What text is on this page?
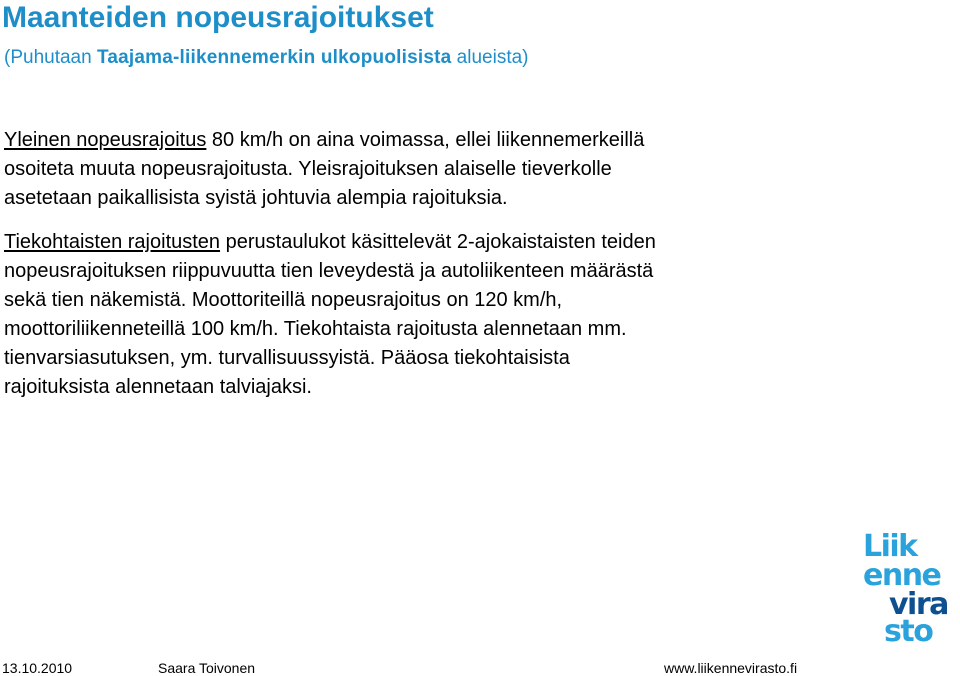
Maanteiden nopeusrajoitukset

(Puhutaan Taajama-liikennemerkin ulkopuolisista alueista)

Yleinen nopeusrajoitus 80 km/h on aina voimassa, ellei liikennemerkeillä
osoiteta muuta nopeusrajoitusta. Yleisrajoituksen alaiselle tieverkolle
asetetaan paikallisista syistä johtuvia alempia rajoituksia.

Tiekohtaisten rajoitusten perustaulukot käsittelevät 2-ajokaistaisten teiden
nopeusrajoituksen riippuvuutta tien leveydestä ja autoliikenteen määrästä
sekä tien näkemistä. Moottoriteillä nopeusrajoitus on 120 km/h,
moottoriliikenneteillä 100 km/h. Tiekohtaista rajoitusta alennetaan mm.
tienvarsiasutuksen, ym. turvallisuussyistä. Pääosa tiekohtaisista
rajoituksista alennetaan talviajaksi.

Liik
enne
vira
sto
13.10.2010	Saara Toivonen	www.liikennevirasto.fi
